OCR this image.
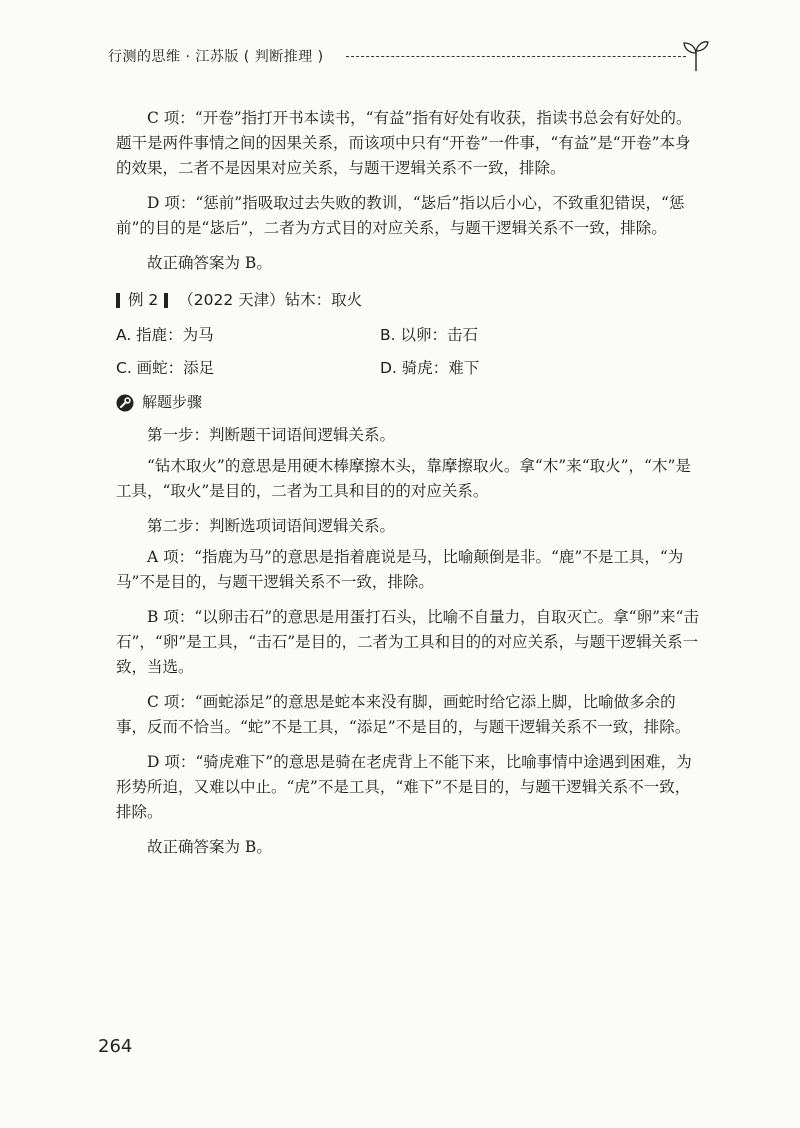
行测的思维 · 江苏版 ( 判断推理 )

C 项：“开卷”指打开书本读书，“有益”指有好处有收获，指读书总会有好处的。题干是两件事情之间的因果关系，而该项中只有“开卷”一件事，“有益”是“开卷”本身的效果，二者不是因果对应关系，与题干逻辑关系不一致，排除。

D 项：“惩前”指吸取过去失败的教训，“毖后”指以后小心，不致重犯错误，“惩前”的目的是“毖后”，二者为方式目的对应关系，与题干逻辑关系不一致，排除。

故正确答案为 B。

例 2 （2022 天津）钻木：取火
A. 指鹿：为马	B. 以卵：击石
C. 画蛇：添足	D. 骑虎：难下
解题步骤

第一步：判断题干词语间逻辑关系。

“钻木取火”的意思是用硬木棒摩擦木头，靠摩擦取火。拿“木”来“取火”，“木”是工具，“取火”是目的，二者为工具和目的的对应关系。

第二步：判断选项词语间逻辑关系。

A 项：“指鹿为马”的意思是指着鹿说是马，比喻颠倒是非。“鹿”不是工具，“为马”不是目的，与题干逻辑关系不一致，排除。

B 项：“以卵击石”的意思是用蛋打石头，比喻不自量力，自取灭亡。拿“卵”来“击石”，“卵”是工具，“击石”是目的，二者为工具和目的的对应关系，与题干逻辑关系一致，当选。

C 项：“画蛇添足”的意思是蛇本来没有脚，画蛇时给它添上脚，比喻做多余的事，反而不恰当。“蛇”不是工具，“添足”不是目的，与题干逻辑关系不一致，排除。

D 项：“骑虎难下”的意思是骑在老虎背上不能下来，比喻事情中途遇到困难，为形势所迫，又难以中止。“虎”不是工具，“难下”不是目的，与题干逻辑关系不一致，排除。

故正确答案为 B。

264
